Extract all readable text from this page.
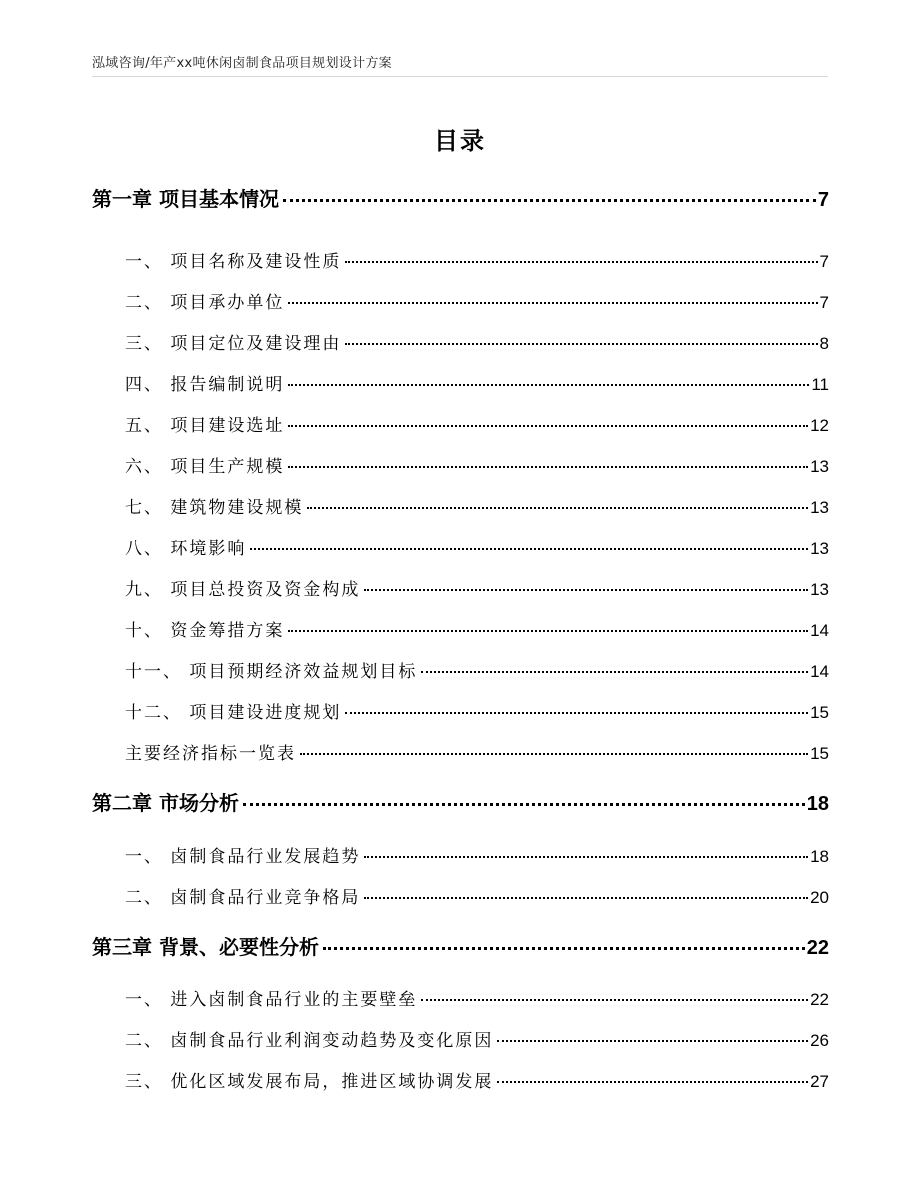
泓域咨询/年产xx吨休闲卤制食品项目规划设计方案
目录
第一章 项目基本情况	7
一、 项目名称及建设性质	7
二、 项目承办单位	7
三、 项目定位及建设理由	8
四、 报告编制说明	11
五、 项目建设选址	12
六、 项目生产规模	13
七、 建筑物建设规模	13
八、 环境影响	13
九、 项目总投资及资金构成	13
十、 资金筹措方案	14
十一、 项目预期经济效益规划目标	14
十二、 项目建设进度规划	15
主要经济指标一览表	15
第二章 市场分析	18
一、 卤制食品行业发展趋势	18
二、 卤制食品行业竞争格局	20
第三章 背景、必要性分析	22
一、 进入卤制食品行业的主要壁垒	22
二、 卤制食品行业利润变动趋势及变化原因	26
三、 优化区域发展布局，推进区域协调发展	27
